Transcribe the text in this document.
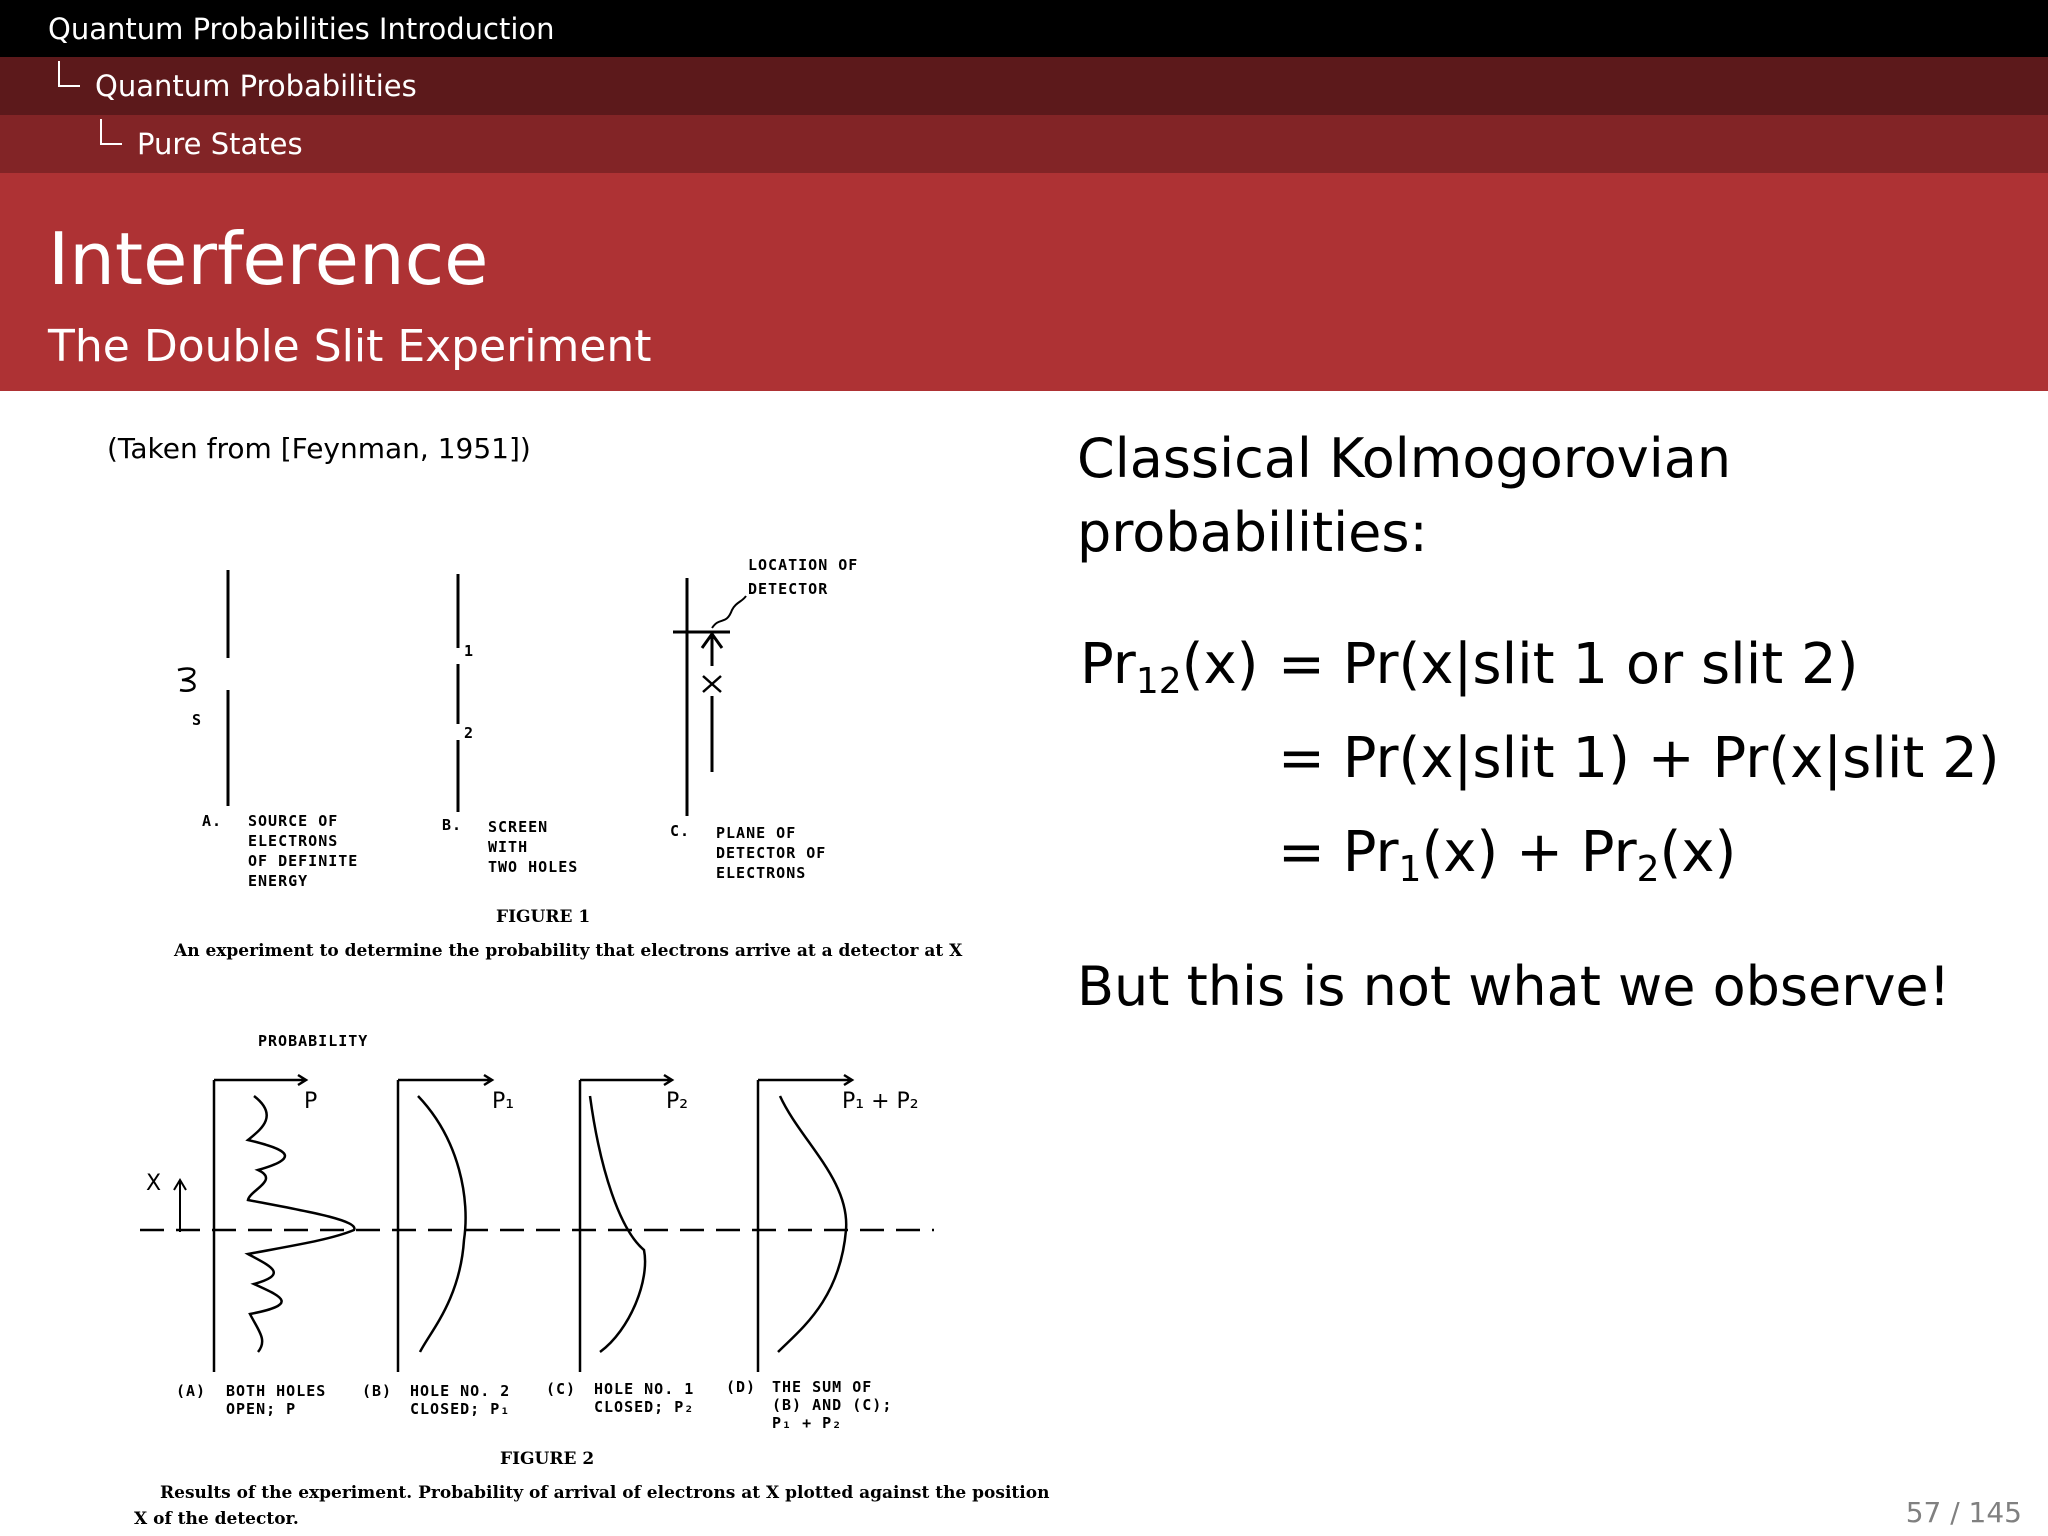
Quantum Probabilities Introduction
Quantum Probabilities
Pure States
Interference
The Double Slit Experiment
(Taken from [Feynman, 1951])
LOCATION OF
DETECTOR
S
1
2
A. SOURCE OF
ELECTRONS
OF DEFINITE
ENERGY
B. SCREEN
WITH
TWO HOLES
C. PLANE OF
DETECTOR OF
ELECTRONS
FIGURE 1
An experiment to determine the probability that electrons arrive at a detector at X
PROBABILITY
X
P	P₁	P₂	P₁ + P₂
(A) BOTH HOLES
OPEN; P
(B) HOLE NO. 2
CLOSED; P₁
(C) HOLE NO. 1
CLOSED; P₂
(D) THE SUM OF
(B) AND (C);
P₁ + P₂
FIGURE 2
Results of the experiment. Probability of arrival of electrons at X plotted against the position
X of the detector.
Classical Kolmogorovian
probabilities:
$Pr_{12}(x)$ = Pr(x|slit 1 or slit 2)
= Pr(x|slit 1) + Pr(x|slit 2)
= $Pr_1(x) + Pr_2(x)$
But this is not what we observe!
57 / 145
